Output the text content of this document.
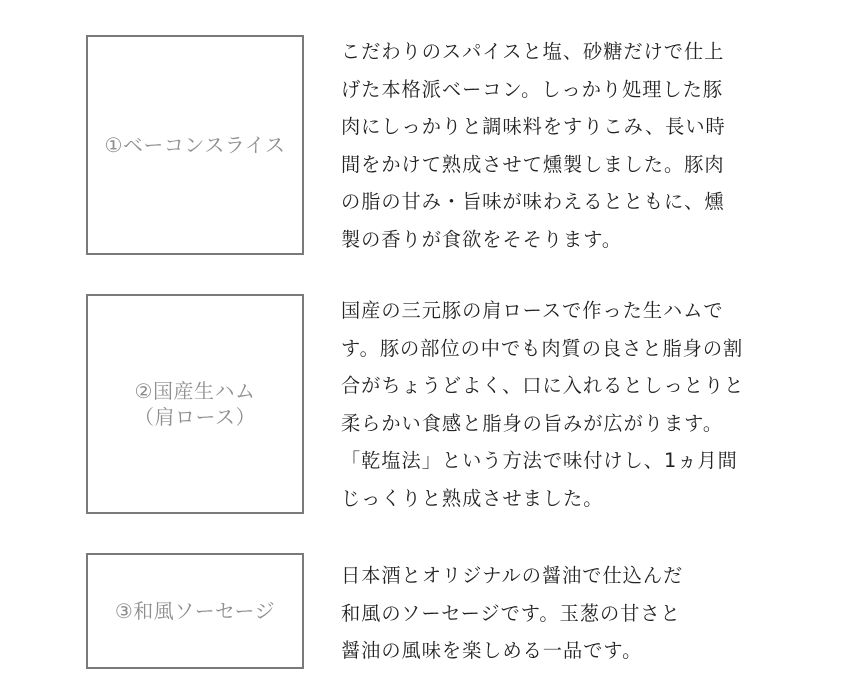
①ベーコンスライス
こだわりのスパイスと塩、砂糖だけで仕上
げた本格派ベーコン。しっかり処理した豚
肉にしっかりと調味料をすりこみ、長い時
間をかけて熟成させて燻製しました。豚肉
の脂の甘み・旨味が味わえるとともに、燻
製の香りが食欲をそそります。
②国産生ハム
（肩ロース）
国産の三元豚の肩ロースで作った生ハムで
す。豚の部位の中でも肉質の良さと脂身の割
合がちょうどよく、口に入れるとしっとりと
柔らかい食感と脂身の旨みが広がります。
「乾塩法」という方法で味付けし、1ヵ月間
じっくりと熟成させました。
③和風ソーセージ
日本酒とオリジナルの醤油で仕込んだ
和風のソーセージです。玉葱の甘さと
醤油の風味を楽しめる一品です。
